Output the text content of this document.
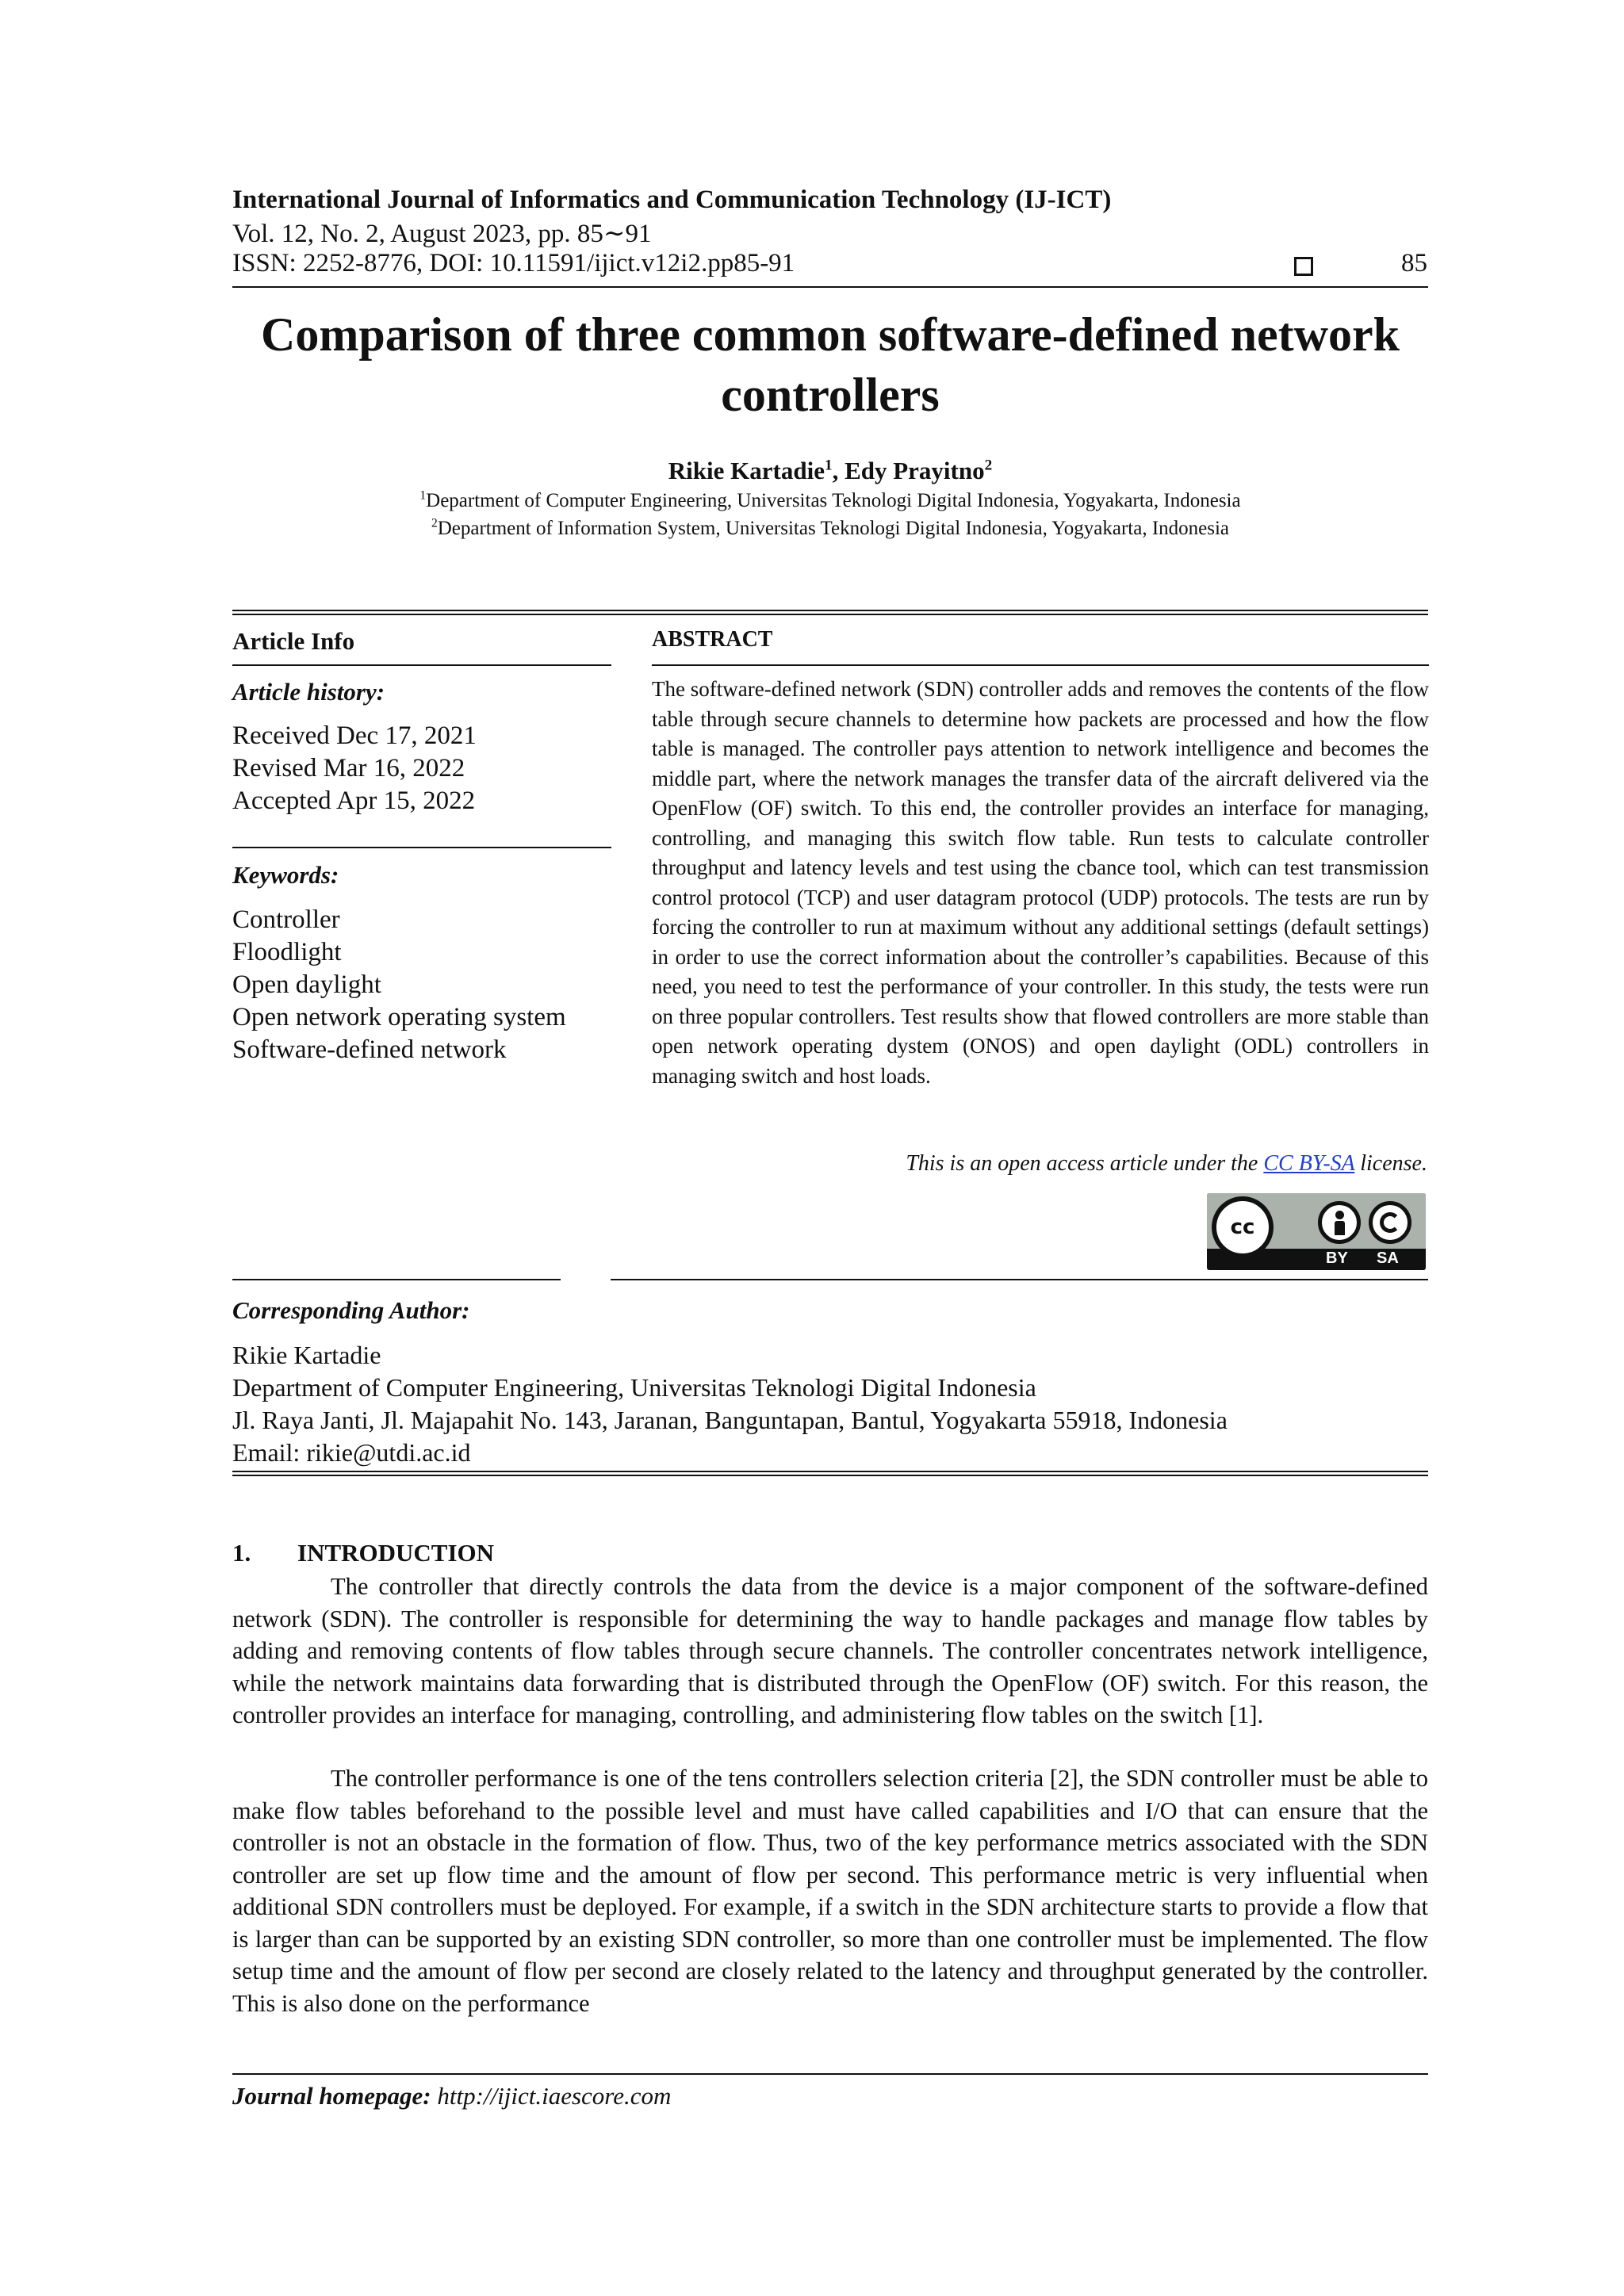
International Journal of Informatics and Communication Technology (IJ-ICT)
Vol. 12, No. 2, August 2023, pp. 85∼91
ISSN: 2252-8776, DOI: 10.11591/ijict.v12i2.pp85-91	85
Comparison of three common software-defined network
controllers
Rikie Kartadie$^1$, Edy Prayitno$^2$
$^1$Department of Computer Engineering, Universitas Teknologi Digital Indonesia, Yogyakarta, Indonesia
$^2$Department of Information System, Universitas Teknologi Digital Indonesia, Yogyakarta, Indonesia
Article Info
Article history:
Received Dec 17, 2021
Revised Mar 16, 2022
Accepted Apr 15, 2022
Keywords:
Controller
Floodlight
Open daylight
Open network operating system
Software-defined network
ABSTRACT
The software-defined network (SDN) controller adds and removes the contents of the flow table through secure channels to determine how packets are processed and how the flow table is managed. The controller pays attention to network intelligence and becomes the middle part, where the network manages the transfer data of the aircraft delivered via the OpenFlow (OF) switch. To this end, the controller provides an interface for managing, controlling, and managing this switch flow table. Run tests to calculate controller throughput and latency levels and test using the cbance tool, which can test transmission control protocol (TCP) and user datagram protocol (UDP) protocols. The tests are run by forcing the controller to run at maximum without any additional settings (default settings) in order to use the correct information about the controller’s capabilities. Because of this need, you need to test the performance of your controller. In this study, the tests were run on three popular controllers. Test results show that flowed controllers are more stable than open network operating dystem (ONOS) and open daylight (ODL) controllers in managing switch and host loads.
This is an open access article under the CC BY-SA license.
cc
BY SA
Corresponding Author:
Rikie Kartadie
Department of Computer Engineering, Universitas Teknologi Digital Indonesia
Jl. Raya Janti, Jl. Majapahit No. 143, Jaranan, Banguntapan, Bantul, Yogyakarta 55918, Indonesia
Email: rikie@utdi.ac.id
1. INTRODUCTION
The controller that directly controls the data from the device is a major component of the software-defined network (SDN). The controller is responsible for determining the way to handle packages and manage flow tables by adding and removing contents of flow tables through secure channels. The controller concentrates network intelligence, while the network maintains data forwarding that is distributed through the OpenFlow (OF) switch. For this reason, the controller provides an interface for managing, controlling, and administering flow tables on the switch [1].
The controller performance is one of the tens controllers selection criteria [2], the SDN controller must be able to make flow tables beforehand to the possible level and must have called capabilities and I/O that can ensure that the controller is not an obstacle in the formation of flow. Thus, two of the key performance metrics associated with the SDN controller are set up flow time and the amount of flow per second. This performance metric is very influential when additional SDN controllers must be deployed. For example, if a switch in the SDN architecture starts to provide a flow that is larger than can be supported by an existing SDN controller, so more than one controller must be implemented. The flow setup time and the amount of flow per second are closely related to the latency and throughput generated by the controller. This is also done on the performance
Journal homepage: http://ijict.iaescore.com
